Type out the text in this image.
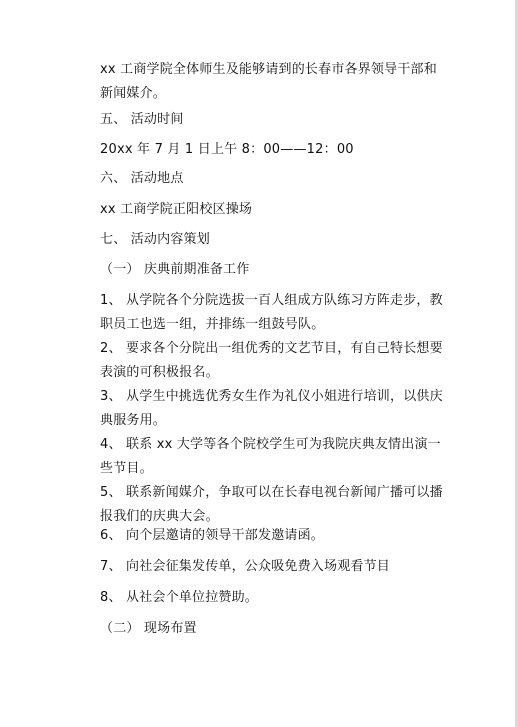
xx 工商学院全体师生及能够请到的长春市各界领导干部和新闻媒介。
五、 活动时间
20xx 年 7 月 1 日上午 8：00——12：00
六、 活动地点
xx 工商学院正阳校区操场
七、 活动内容策划
（一） 庆典前期准备工作
1、 从学院各个分院选拔一百人组成方队练习方阵走步，教职员工也选一组，并排练一组鼓号队。
2、 要求各个分院出一组优秀的文艺节目，有自己特长想要表演的可积极报名。
3、 从学生中挑选优秀女生作为礼仪小姐进行培训，以供庆典服务用。
4、 联系 xx 大学等各个院校学生可为我院庆典友情出演一些节目。
5、 联系新闻媒介，争取可以在长春电视台新闻广播可以播报我们的庆典大会。
6、 向个层邀请的领导干部发邀请函。
7、 向社会征集发传单，公众吸免费入场观看节目
8、 从社会个单位拉赞助。
（二） 现场布置
